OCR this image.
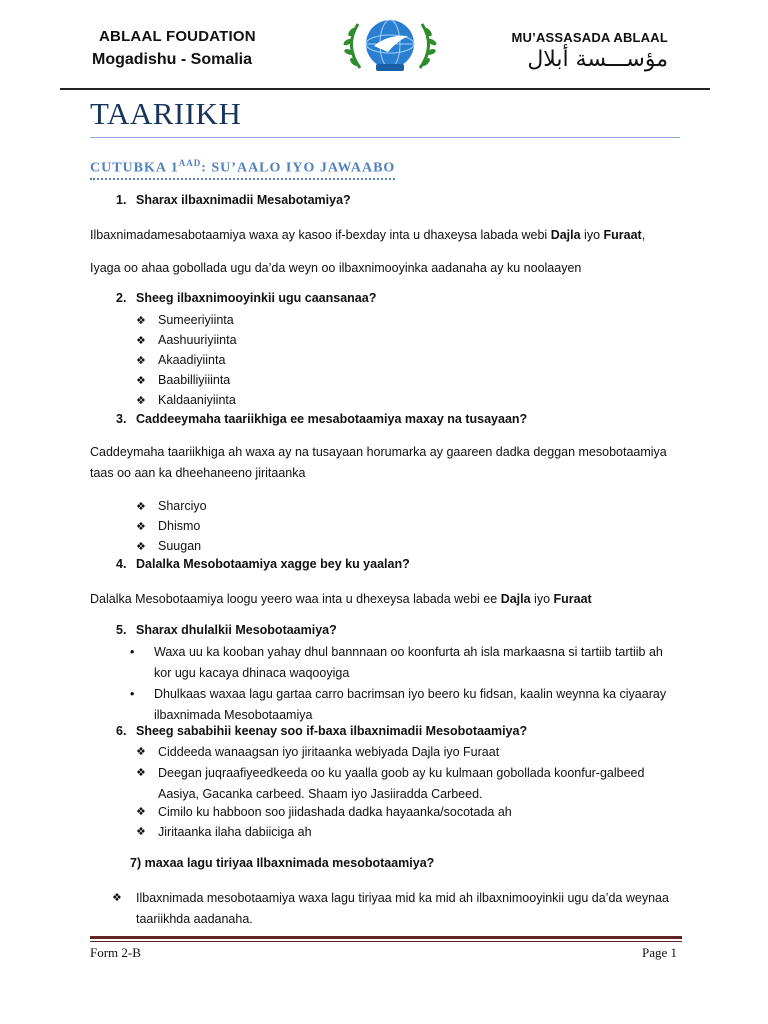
ABLAAL FOUDATION
Mogadishu - Somalia
MU’ASSASADA ABLAAL
مؤســـسة أبلال
TAARIIKH
CUTUBKA $1^{AAD}$: SU’AALO IYO JAWAABO
1. Sharax ilbaxnimadii Mesabotamiya?
Ilbaxnimadamesabotaamiya waxa ay kasoo if-bexday inta u dhaxeysa labada webi Dajla iyo Furaat,
Iyaga oo ahaa gobollada ugu da’da weyn oo ilbaxnimooyinka aadanaha ay ku noolaayen
2. Sheeg ilbaxnimooyinkii ugu caansanaa?
❖ Sumeeriyiinta
❖ Aashuuriyiinta
❖ Akaadiyiinta
❖ Baabilliyiiinta
❖ Kaldaaniyiinta
3. Caddeeymaha taariikhiga ee mesabotaamiya maxay na tusayaan?
Caddeymaha taariikhiga ah waxa ay na tusayaan horumarka ay gaareen dadka deggan mesobotaamiya
taas oo aan ka dheehaneeno jiritaanka
❖ Sharciyo
❖ Dhismo
❖ Suugan
4. Dalalka Mesobotaamiya xagge bey ku yaalan?
Dalalka Mesobotaamiya loogu yeero waa inta u dhexeysa labada webi ee Dajla iyo Furaat
5. Sharax dhulalkii Mesobotaamiya?
• Waxa uu ka kooban yahay dhul bannnaan oo koonfurta ah isla markaasna si tartiib tartiib ah kor ugu kacaya dhinaca waqooyiga
• Dhulkaas waxaa lagu gartaa carro bacrimsan iyo beero ku fidsan, kaalin weynna ka ciyaaray ilbaxnimada Mesobotaamiya
6. Sheeg sababihii keenay soo if-baxa ilbaxnimadii Mesobotaamiya?
❖ Ciddeeda wanaagsan iyo jiritaanka webiyada Dajla iyo Furaat
❖ Deegan juqraafiyeedkeeda oo ku yaalla goob ay ku kulmaan gobollada koonfur-galbeed Aasiya, Gacanka carbeed. Shaam iyo Jasiiradda Carbeed.
❖ Cimilo ku habboon soo jiidashada dadka hayaanka/socotada ah
❖ Jiritaanka ilaha dabiiciga ah
7) maxaa lagu tiriyaa Ilbaxnimada mesobotaamiya?
❖ Ilbaxnimada mesobotaamiya waxa lagu tiriyaa mid ka mid ah ilbaxnimooyinkii ugu da’da weynaa taariikhda aadanaha.
Form 2-B	Page 1
